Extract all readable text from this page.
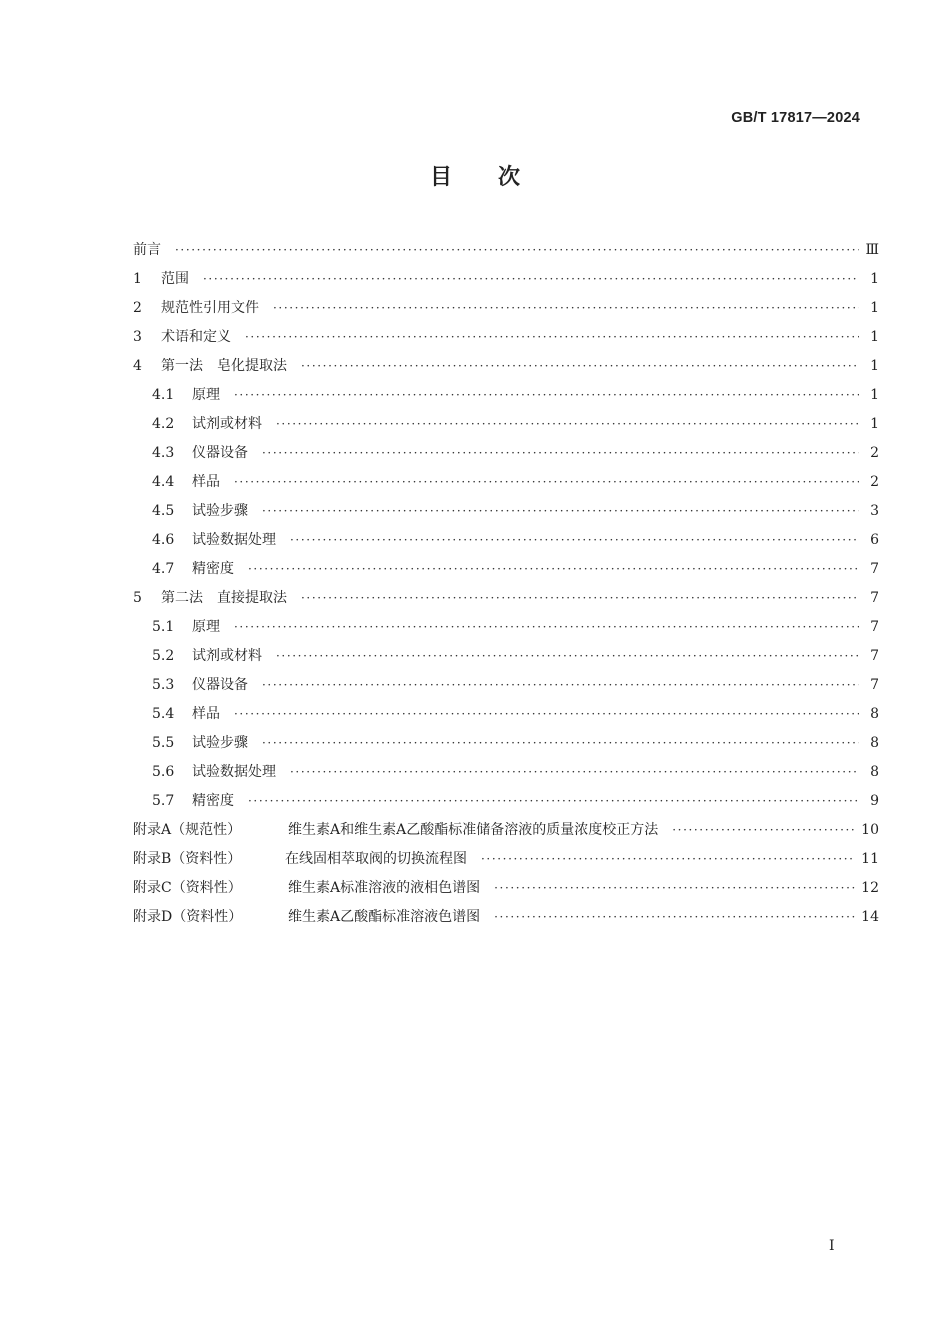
GB/T 17817—2024
目 次
前言 ·····	Ⅲ
1	范围 ·····	1
2	规范性引用文件 ·····	1
3	术语和定义 ·····	1
4	第一法　皂化提取法 ·····	1
4.1	原理 ·····	1
4.2	试剂或材料 ·····	1
4.3	仪器设备 ·····	2
4.4	样品 ·····	2
4.5	试验步骤 ·····	3
4.6	试验数据处理 ·····	6
4.7	精密度 ·····	7
5	第二法　直接提取法 ·····	7
5.1	原理 ·····	7
5.2	试剂或材料 ·····	7
5.3	仪器设备 ·····	7
5.4	样品 ·····	8
5.5	试验步骤 ·····	8
5.6	试验数据处理 ·····	8
5.7	精密度 ·····	9
附录A（规范性）	维生素A和维生素A乙酸酯标准储备溶液的质量浓度校正方法 ·····	10
附录B（资料性）	在线固相萃取阀的切换流程图 ·····	11
附录C（资料性）	维生素A标准溶液的液相色谱图 ·····	12
附录D（资料性）	维生素A乙酸酯标准溶液色谱图 ·····	14
Ⅰ
